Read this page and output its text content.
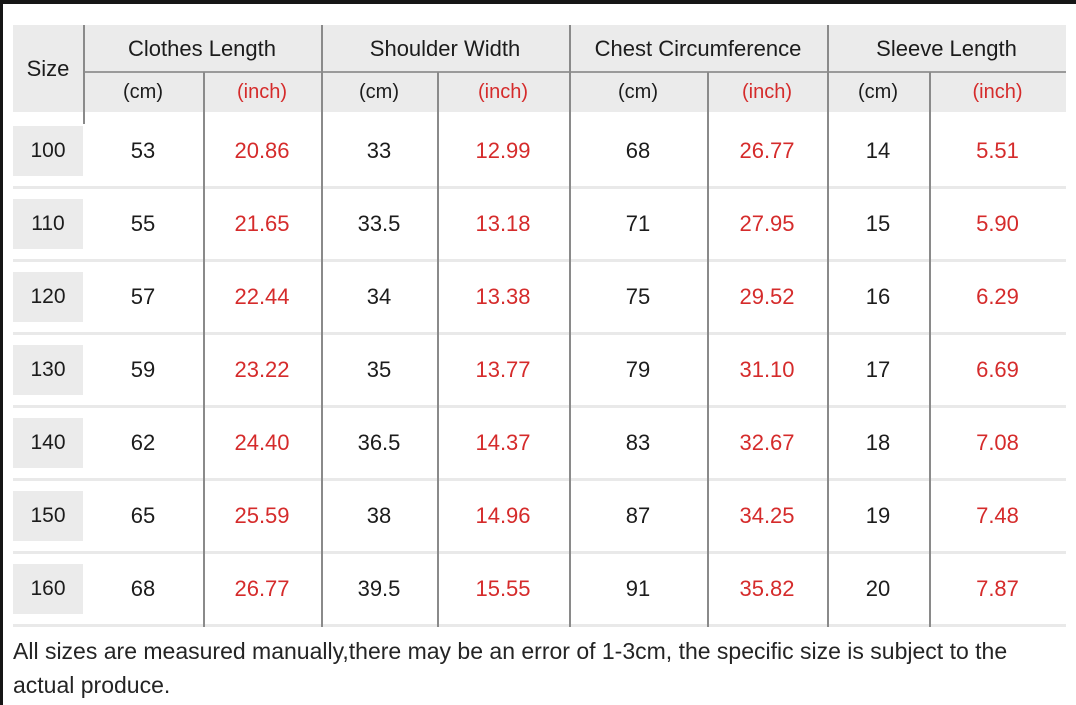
Size
Clothes Length	Shoulder Width	Chest Circumference	Sleeve Length
(cm)	(inch)	(cm)	(inch)	(cm)	(inch)	(cm)	(inch)
100	53	20.86	33	12.99	68	26.77	14	5.51
110	55	21.65	33.5	13.18	71	27.95	15	5.90
120	57	22.44	34	13.38	75	29.52	16	6.29
130	59	23.22	35	13.77	79	31.10	17	6.69
140	62	24.40	36.5	14.37	83	32.67	18	7.08
150	65	25.59	38	14.96	87	34.25	19	7.48
160	68	26.77	39.5	15.55	91	35.82	20	7.87
All sizes are measured manually,there may be an error of 1-3cm, the specific size is subject to the actual produce.
